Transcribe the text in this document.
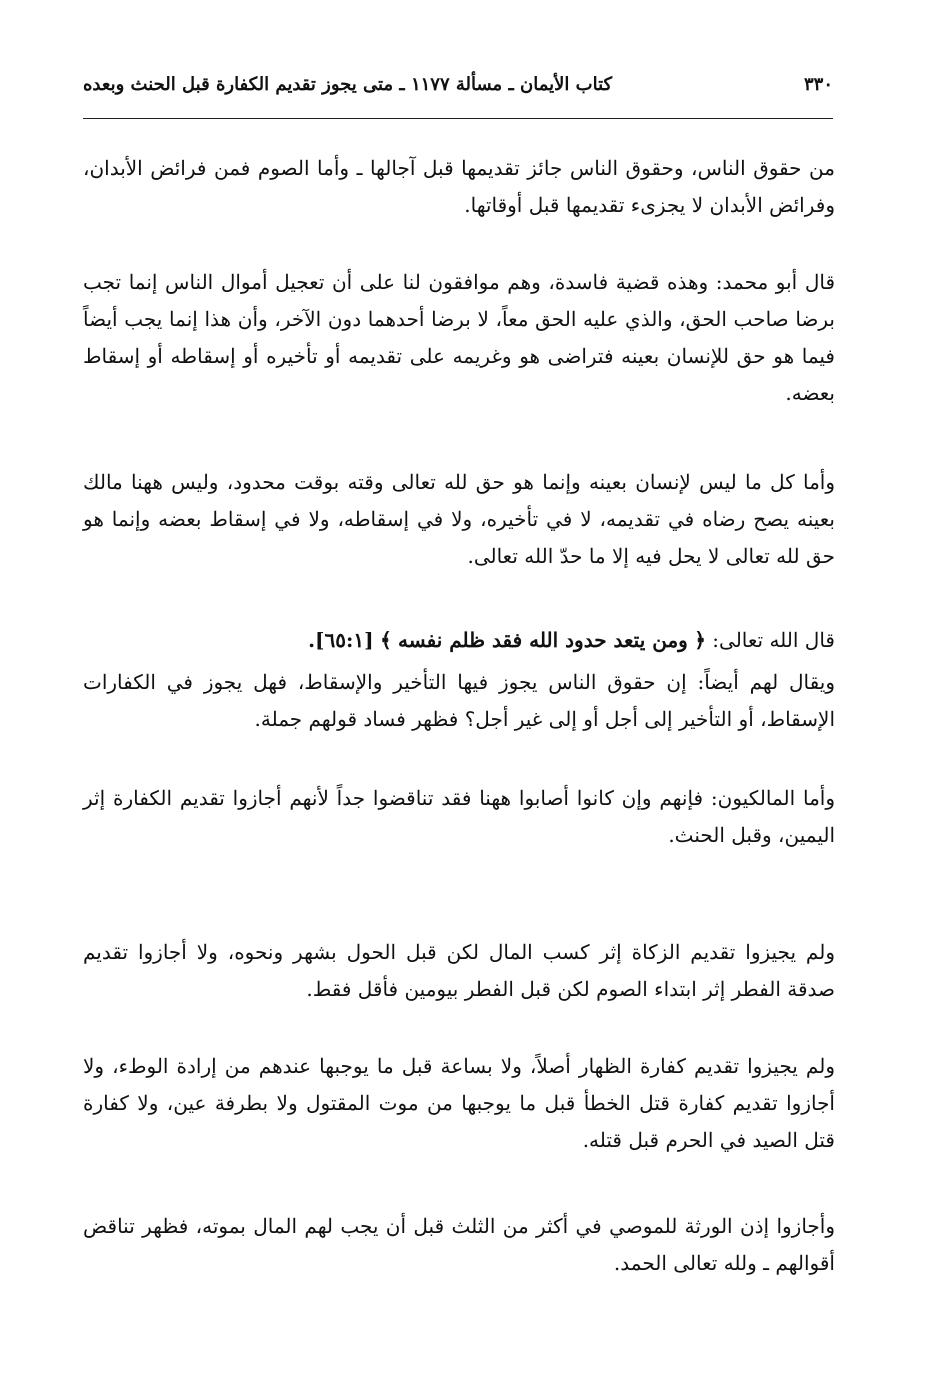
٣٣٠
كتاب الأيمان ـ مسألة ١١٧٧ ـ متى يجوز تقديم الكفارة قبل الحنث وبعده

من حقوق الناس، وحقوق الناس جائز تقديمها قبل آجالها ـ وأما الصوم فمن فرائض الأبدان، وفرائض الأبدان لا يجزىء تقديمها قبل أوقاتها.

قال أبو محمد: وهذه قضية فاسدة، وهم موافقون لنا على أن تعجيل أموال الناس إنما تجب برضا صاحب الحق، والذي عليه الحق معاً، لا برضا أحدهما دون الآخر، وأن هذا إنما يجب أيضاً فيما هو حق للإنسان بعينه فتراضى هو وغريمه على تقديمه أو تأخيره أو إسقاطه أو إسقاط بعضه.

وأما كل ما ليس لإنسان بعينه وإنما هو حق لله تعالى وقته بوقت محدود، وليس ههنا مالك بعينه يصح رضاه في تقديمه، لا في تأخيره، ولا في إسقاطه، ولا في إسقاط بعضه وإنما هو حق لله تعالى لا يحل فيه إلا ما حدّ الله تعالى.

قال الله تعالى: ﴿ ومن يتعد حدود الله فقد ظلم نفسه ﴾ [٦٥:١].

ويقال لهم أيضاً: إن حقوق الناس يجوز فيها التأخير والإسقاط، فهل يجوز في الكفارات الإسقاط، أو التأخير إلى أجل أو إلى غير أجل؟ فظهر فساد قولهم جملة.

وأما المالكيون: فإنهم وإن كانوا أصابوا ههنا فقد تناقضوا جداً لأنهم أجازوا تقديم الكفارة إثر اليمين، وقبل الحنث.

ولم يجيزوا تقديم الزكاة إثر كسب المال لكن قبل الحول بشهر ونحوه، ولا أجازوا تقديم صدقة الفطر إثر ابتداء الصوم لكن قبل الفطر بيومين فأقل فقط.

ولم يجيزوا تقديم كفارة الظهار أصلاً، ولا بساعة قبل ما يوجبها عندهم من إرادة الوطء، ولا أجازوا تقديم كفارة قتل الخطأ قبل ما يوجبها من موت المقتول ولا بطرفة عين، ولا كفارة قتل الصيد في الحرم قبل قتله.

وأجازوا إذن الورثة للموصي في أكثر من الثلث قبل أن يجب لهم المال بموته، فظهر تناقض أقوالهم ـ ولله تعالى الحمد.
